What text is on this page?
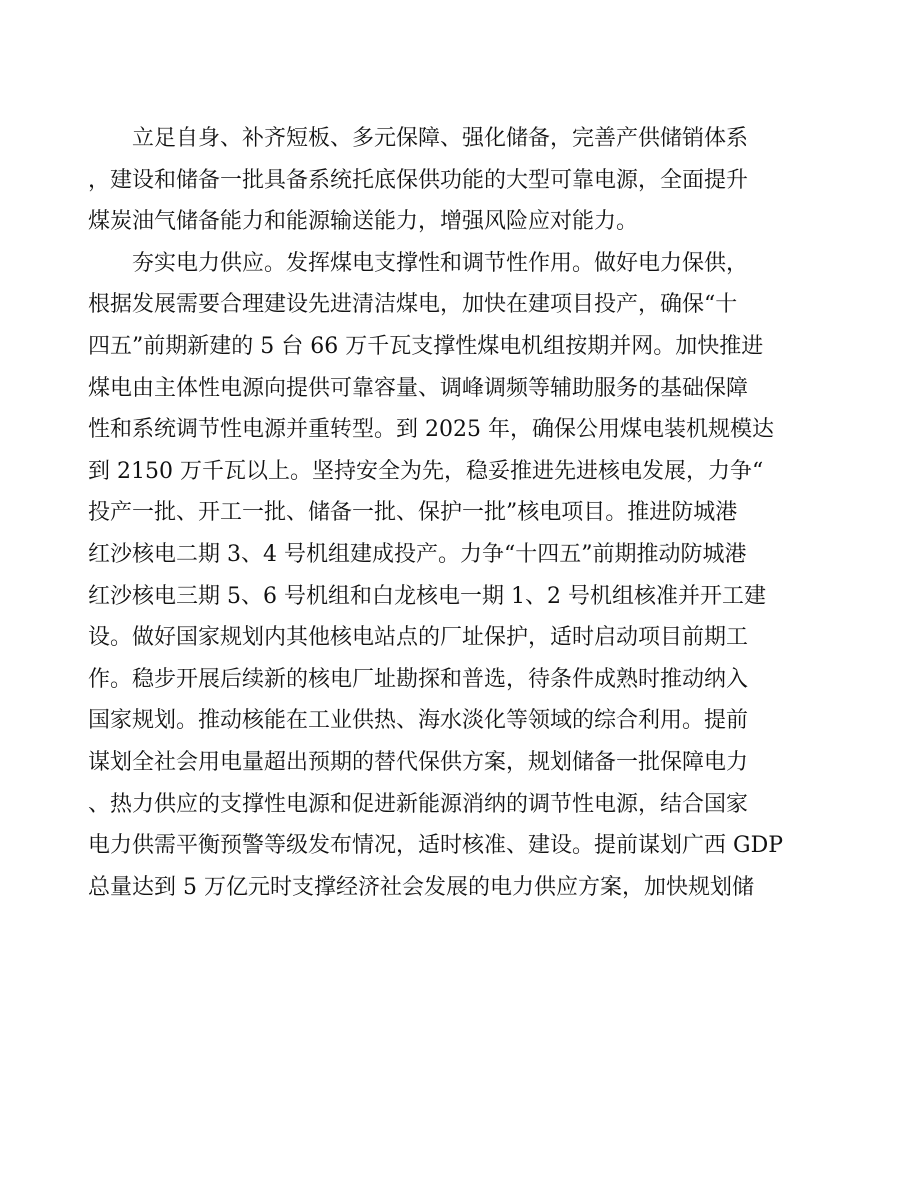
立足自身、补齐短板、多元保障、强化储备，完善产供储销体系
，建设和储备一批具备系统托底保供功能的大型可靠电源，全面提升
煤炭油气储备能力和能源输送能力，增强风险应对能力。
夯实电力供应。发挥煤电支撑性和调节性作用。做好电力保供，
根据发展需要合理建设先进清洁煤电，加快在建项目投产，确保“十
四五”前期新建的 5 台 66 万千瓦支撑性煤电机组按期并网。加快推进
煤电由主体性电源向提供可靠容量、调峰调频等辅助服务的基础保障
性和系统调节性电源并重转型。到 2025 年，确保公用煤电装机规模达
到 2150 万千瓦以上。坚持安全为先，稳妥推进先进核电发展，力争“
投产一批、开工一批、储备一批、保护一批”核电项目。推进防城港
红沙核电二期 3、4 号机组建成投产。力争“十四五”前期推动防城港
红沙核电三期 5、6 号机组和白龙核电一期 1、2 号机组核准并开工建
设。做好国家规划内其他核电站点的厂址保护，适时启动项目前期工
作。稳步开展后续新的核电厂址勘探和普选，待条件成熟时推动纳入
国家规划。推动核能在工业供热、海水淡化等领域的综合利用。提前
谋划全社会用电量超出预期的替代保供方案，规划储备一批保障电力
、热力供应的支撑性电源和促进新能源消纳的调节性电源，结合国家
电力供需平衡预警等级发布情况，适时核准、建设。提前谋划广西 GDP
总量达到 5 万亿元时支撑经济社会发展的电力供应方案，加快规划储
